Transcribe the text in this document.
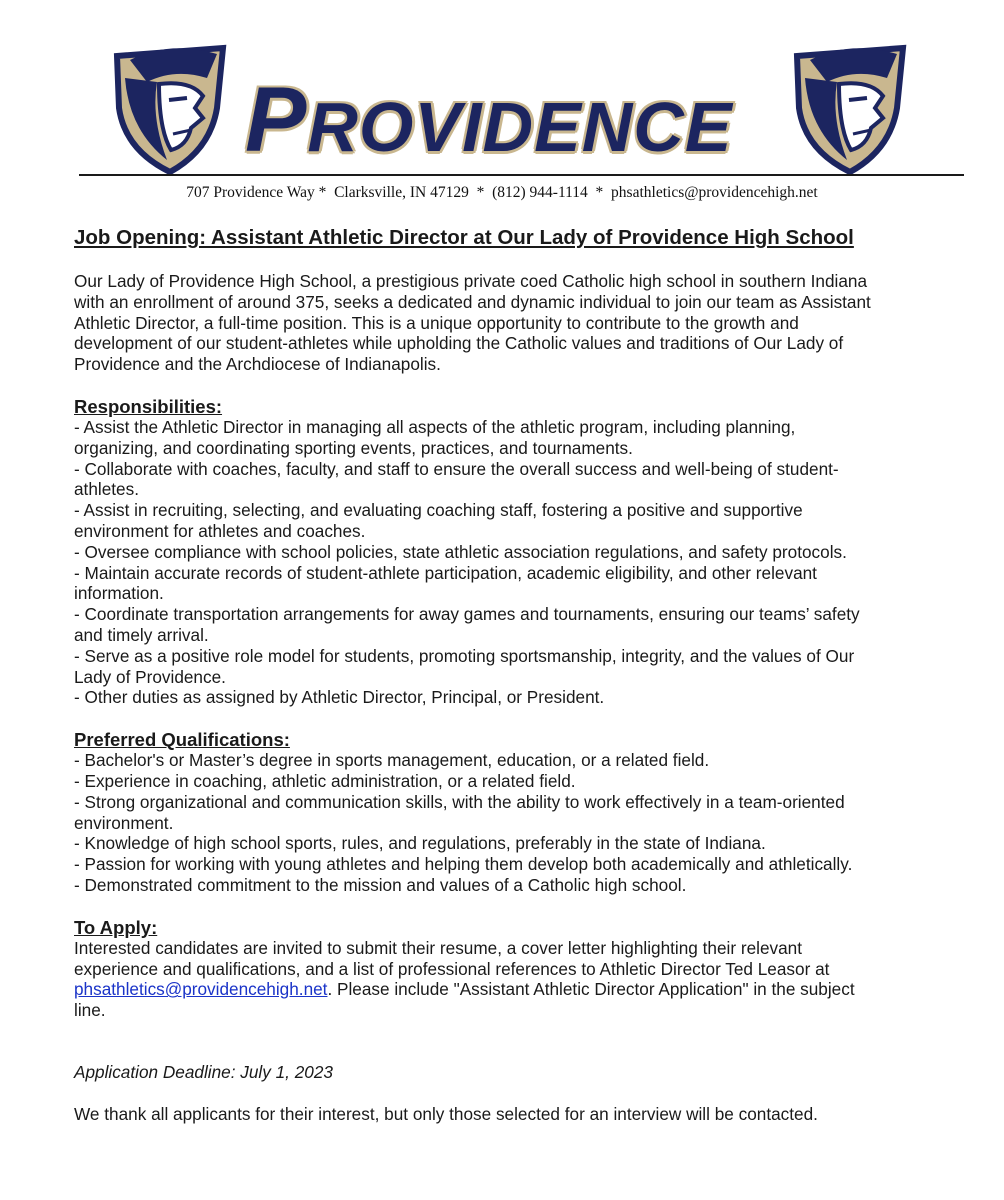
PROVIDENCE
707 Providence Way *  Clarksville, IN 47129  *  (812) 944-1114  *  phsathletics@providencehigh.net
Job Opening: Assistant Athletic Director at Our Lady of Providence High School
Our Lady of Providence High School, a prestigious private coed Catholic high school in southern Indiana
with an enrollment of around 375, seeks a dedicated and dynamic individual to join our team as Assistant
Athletic Director, a full-time position. This is a unique opportunity to contribute to the growth and
development of our student-athletes while upholding the Catholic values and traditions of Our Lady of
Providence and the Archdiocese of Indianapolis.
Responsibilities:
- Assist the Athletic Director in managing all aspects of the athletic program, including planning,
organizing, and coordinating sporting events, practices, and tournaments.
- Collaborate with coaches, faculty, and staff to ensure the overall success and well-being of student-
athletes.
- Assist in recruiting, selecting, and evaluating coaching staff, fostering a positive and supportive
environment for athletes and coaches.
- Oversee compliance with school policies, state athletic association regulations, and safety protocols.
- Maintain accurate records of student-athlete participation, academic eligibility, and other relevant
information.
- Coordinate transportation arrangements for away games and tournaments, ensuring our teams’ safety
and timely arrival.
- Serve as a positive role model for students, promoting sportsmanship, integrity, and the values of Our
Lady of Providence.
- Other duties as assigned by Athletic Director, Principal, or President.
Preferred Qualifications:
- Bachelor's or Master’s degree in sports management, education, or a related field.
- Experience in coaching, athletic administration, or a related field.
- Strong organizational and communication skills, with the ability to work effectively in a team-oriented
environment.
- Knowledge of high school sports, rules, and regulations, preferably in the state of Indiana.
- Passion for working with young athletes and helping them develop both academically and athletically.
- Demonstrated commitment to the mission and values of a Catholic high school.
To Apply:
Interested candidates are invited to submit their resume, a cover letter highlighting their relevant
experience and qualifications, and a list of professional references to Athletic Director Ted Leasor at
phsathletics@providencehigh.net. Please include "Assistant Athletic Director Application" in the subject
line.
Application Deadline: July 1, 2023
We thank all applicants for their interest, but only those selected for an interview will be contacted.
